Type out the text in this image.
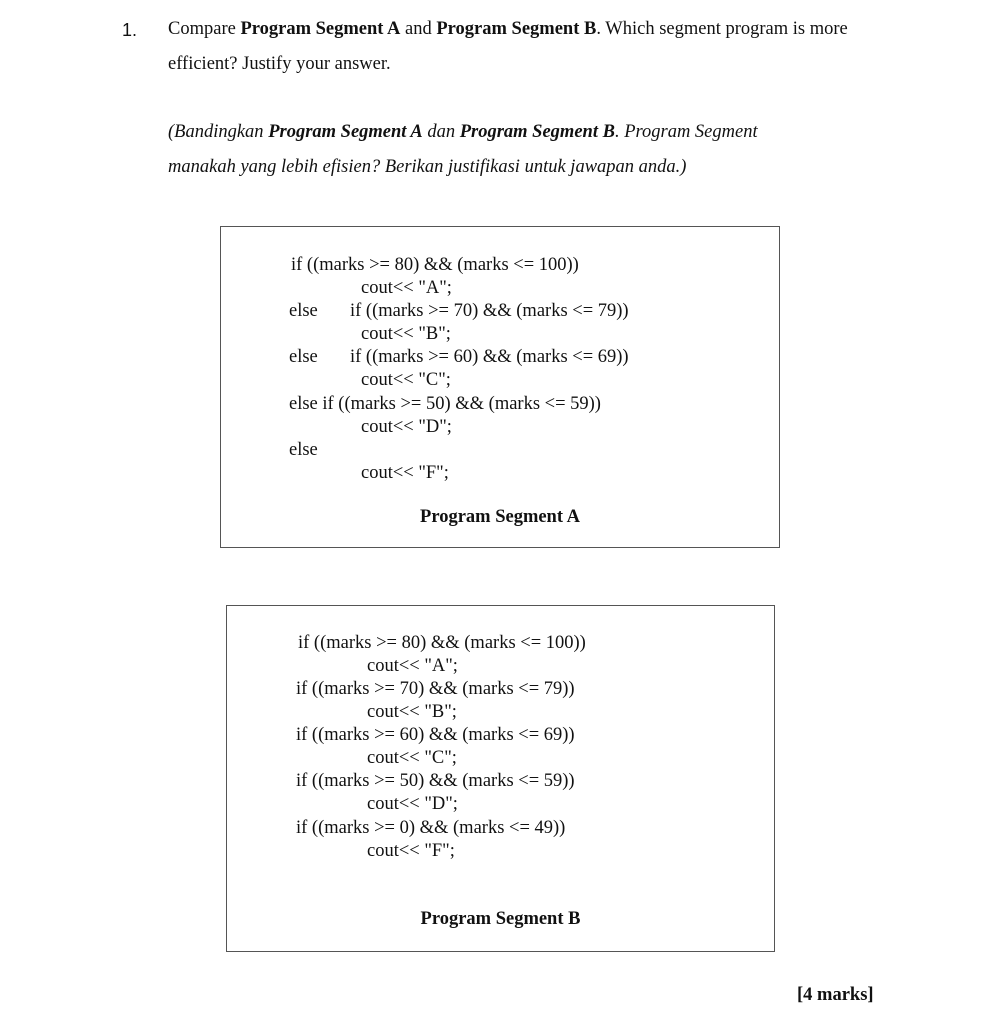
1. Compare Program Segment A and Program Segment B. Which segment program is more efficient? Justify your answer.
(Bandingkan Program Segment A dan Program Segment B. Program Segment
manakah yang lebih efisien? Berikan justifikasi untuk jawapan anda.)
if ((marks >= 80) && (marks <= 100))
cout<< "A";
else if ((marks >= 70) && (marks <= 79))
cout<< "B";
else if ((marks >= 60) && (marks <= 69))
cout<< "C";
else if ((marks >= 50) && (marks <= 59))
cout<< "D";
else
cout<< "F";
Program Segment A
if ((marks >= 80) && (marks <= 100))
cout<< "A";
if ((marks >= 70) && (marks <= 79))
cout<< "B";
if ((marks >= 60) && (marks <= 69))
cout<< "C";
if ((marks >= 50) && (marks <= 59))
cout<< "D";
if ((marks >= 0) && (marks <= 49))
cout<< "F";
Program Segment B
[4 marks]
